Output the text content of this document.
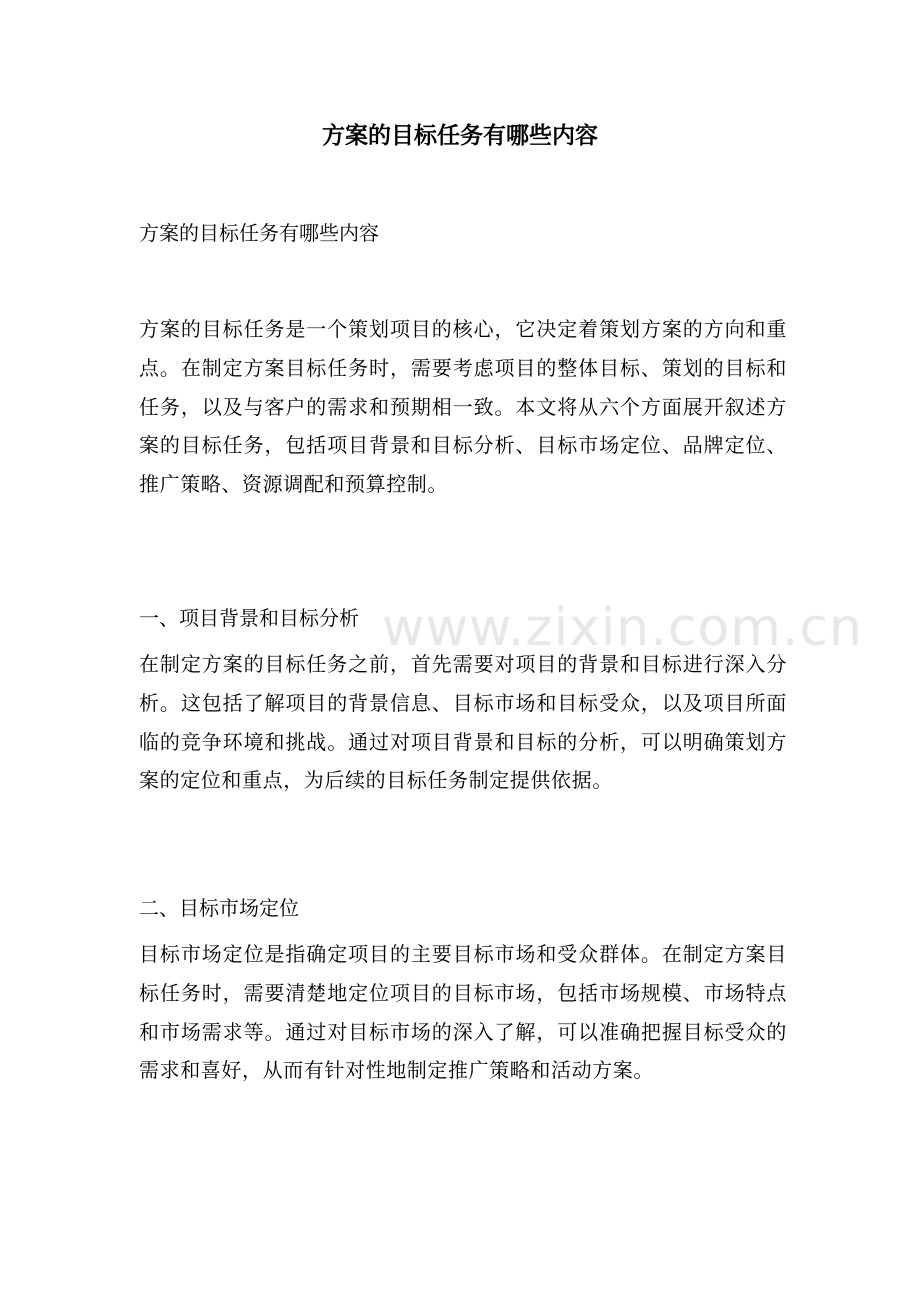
方案的目标任务有哪些内容

方案的目标任务有哪些内容

方案的目标任务是一个策划项目的核心，它决定着策划方案的方向和重点。在制定方案目标任务时，需要考虑项目的整体目标、策划的目标和任务，以及与客户的需求和预期相一致。本文将从六个方面展开叙述方案的目标任务，包括项目背景和目标分析、目标市场定位、品牌定位、推广策略、资源调配和预算控制。

一、项目背景和目标分析

在制定方案的目标任务之前，首先需要对项目的背景和目标进行深入分析。这包括了解项目的背景信息、目标市场和目标受众，以及项目所面临的竞争环境和挑战。通过对项目背景和目标的分析，可以明确策划方案的定位和重点，为后续的目标任务制定提供依据。

二、目标市场定位

目标市场定位是指确定项目的主要目标市场和受众群体。在制定方案目标任务时，需要清楚地定位项目的目标市场，包括市场规模、市场特点和市场需求等。通过对目标市场的深入了解，可以准确把握目标受众的需求和喜好，从而有针对性地制定推广策略和活动方案。

www.zixin.com.cn
